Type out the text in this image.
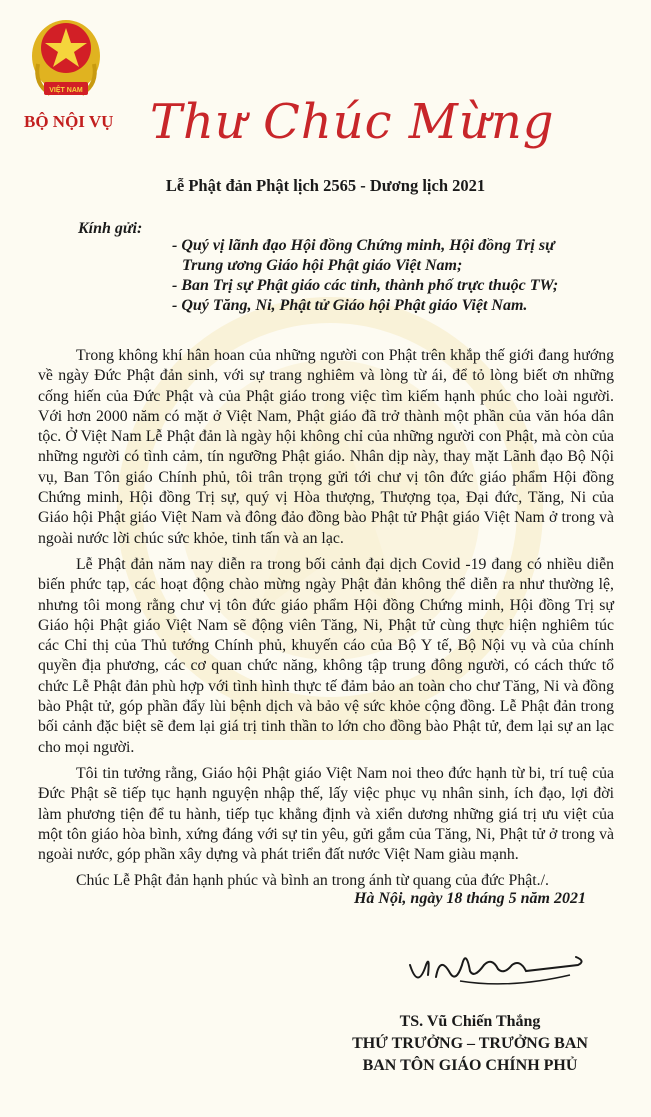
VIỆT NAM
BỘ NỘI VỤ Thư Chúc Mừng
Lễ Phật đản Phật lịch 2565 - Dương lịch 2021
Kính gửi:
- Quý vị lãnh đạo Hội đồng Chứng minh, Hội đồng Trị sự
Trung ương Giáo hội Phật giáo Việt Nam;
- Ban Trị sự Phật giáo các tỉnh, thành phố trực thuộc TW;
- Quý Tăng, Ni, Phật tử Giáo hội Phật giáo Việt Nam.

Trong không khí hân hoan của những người con Phật trên khắp thế giới đang hướng về ngày Đức Phật đản sinh, với sự trang nghiêm và lòng từ ái, để tỏ lòng biết ơn những cống hiến của Đức Phật và của Phật giáo trong việc tìm kiếm hạnh phúc cho loài người. Với hơn 2000 năm có mặt ở Việt Nam, Phật giáo đã trở thành một phần của văn hóa dân tộc. Ở Việt Nam Lễ Phật đản là ngày hội không chỉ của những người con Phật, mà còn của những người có tình cảm, tín ngưỡng Phật giáo. Nhân dịp này, thay mặt Lãnh đạo Bộ Nội vụ, Ban Tôn giáo Chính phủ, tôi trân trọng gửi tới chư vị tôn đức giáo phẩm Hội đồng Chứng minh, Hội đồng Trị sự, quý vị Hòa thượng, Thượng tọa, Đại đức, Tăng, Ni của Giáo hội Phật giáo Việt Nam và đông đảo đồng bào Phật tử Phật giáo Việt Nam ở trong và ngoài nước lời chúc sức khỏe, tinh tấn và an lạc.

Lễ Phật đản năm nay diễn ra trong bối cảnh đại dịch Covid -19 đang có nhiều diễn biến phức tạp, các hoạt động chào mừng ngày Phật đản không thể diễn ra như thường lệ, nhưng tôi mong rằng chư vị tôn đức giáo phẩm Hội đồng Chứng minh, Hội đồng Trị sự Giáo hội Phật giáo Việt Nam sẽ động viên Tăng, Ni, Phật tử cùng thực hiện nghiêm túc các Chỉ thị của Thủ tướng Chính phủ, khuyến cáo của Bộ Y tế, Bộ Nội vụ và của chính quyền địa phương, các cơ quan chức năng, không tập trung đông người, có cách thức tổ chức Lễ Phật đản phù hợp với tình hình thực tế đảm bảo an toàn cho chư Tăng, Ni và đồng bào Phật tử, góp phần đẩy lùi bệnh dịch và bảo vệ sức khỏe cộng đồng. Lễ Phật đản trong bối cảnh đặc biệt sẽ đem lại giá trị tinh thần to lớn cho đồng bào Phật tử, đem lại sự an lạc cho mọi người.

Tôi tin tưởng rằng, Giáo hội Phật giáo Việt Nam noi theo đức hạnh từ bi, trí tuệ của Đức Phật sẽ tiếp tục hạnh nguyện nhập thế, lấy việc phục vụ nhân sinh, ích đạo, lợi đời làm phương tiện để tu hành, tiếp tục khẳng định và xiển dương những giá trị ưu việt của một tôn giáo hòa bình, xứng đáng với sự tin yêu, gửi gắm của Tăng, Ni, Phật tử ở trong và ngoài nước, góp phần xây dựng và phát triển đất nước Việt Nam giàu mạnh.

Chúc Lễ Phật đản hạnh phúc và bình an trong ánh từ quang của đức Phật./.

Hà Nội, ngày 18 tháng 5 năm 2021
TS. Vũ Chiến Thắng
THỨ TRƯỞNG – TRƯỞNG BAN
BAN TÔN GIÁO CHÍNH PHỦ
